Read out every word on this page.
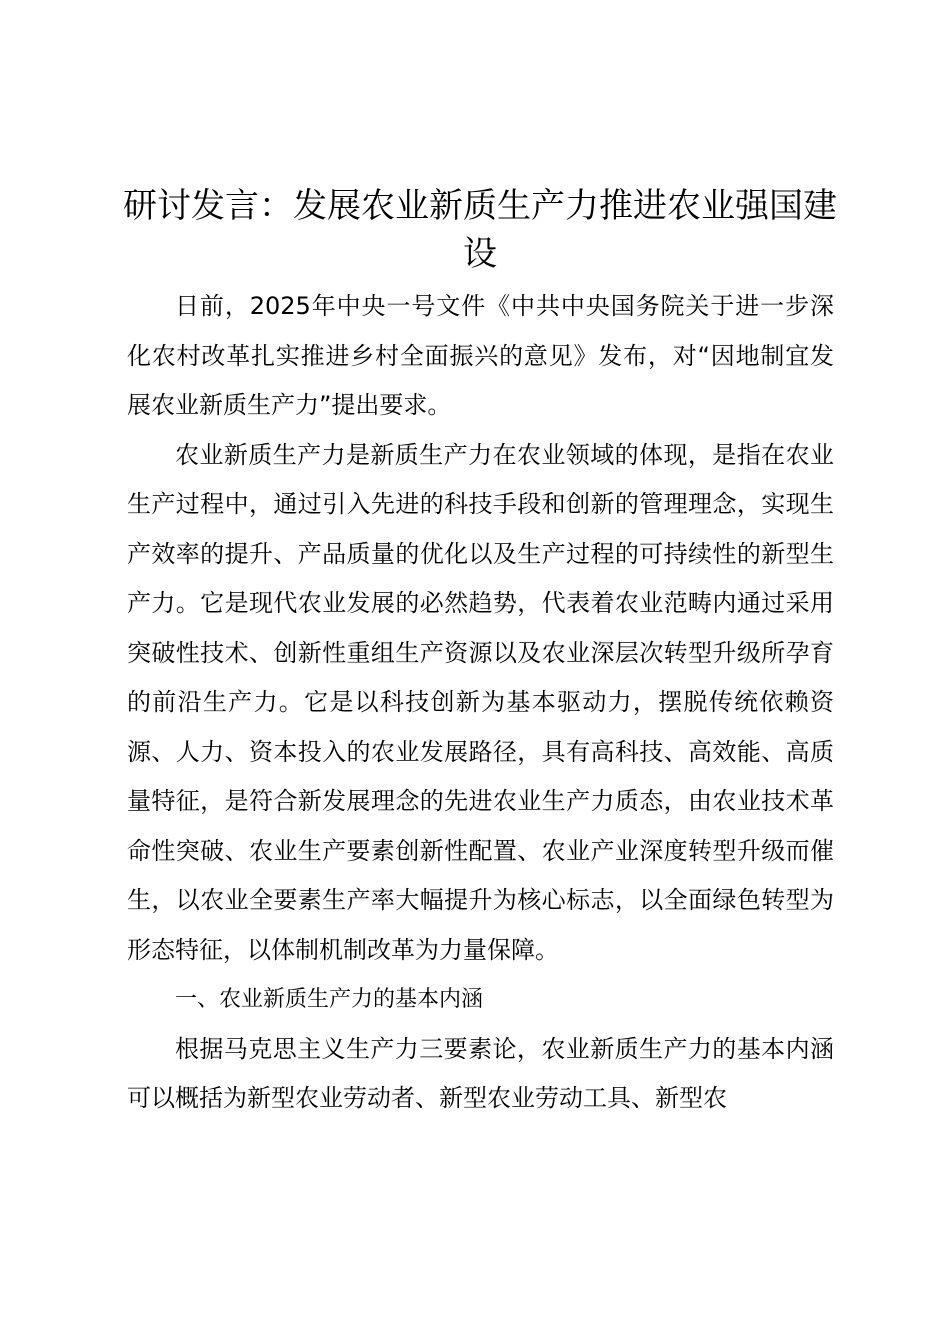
研讨发言：发展农业新质生产力推进农业强国建设

日前，2025年中央一号文件《中共中央国务院关于进一步深化农村改革扎实推进乡村全面振兴的意见》发布，对“因地制宜发展农业新质生产力”提出要求。

农业新质生产力是新质生产力在农业领域的体现，是指在农业生产过程中，通过引入先进的科技手段和创新的管理理念，实现生产效率的提升、产品质量的优化以及生产过程的可持续性的新型生产力。它是现代农业发展的必然趋势，代表着农业范畴内通过采用突破性技术、创新性重组生产资源以及农业深层次转型升级所孕育的前沿生产力。它是以科技创新为基本驱动力，摆脱传统依赖资源、人力、资本投入的农业发展路径，具有高科技、高效能、高质量特征，是符合新发展理念的先进农业生产力质态，由农业技术革命性突破、农业生产要素创新性配置、农业产业深度转型升级而催生，以农业全要素生产率大幅提升为核心标志，以全面绿色转型为形态特征，以体制机制改革为力量保障。

一、农业新质生产力的基本内涵

根据马克思主义生产力三要素论，农业新质生产力的基本内涵可以概括为新型农业劳动者、新型农业劳动工具、新型农
